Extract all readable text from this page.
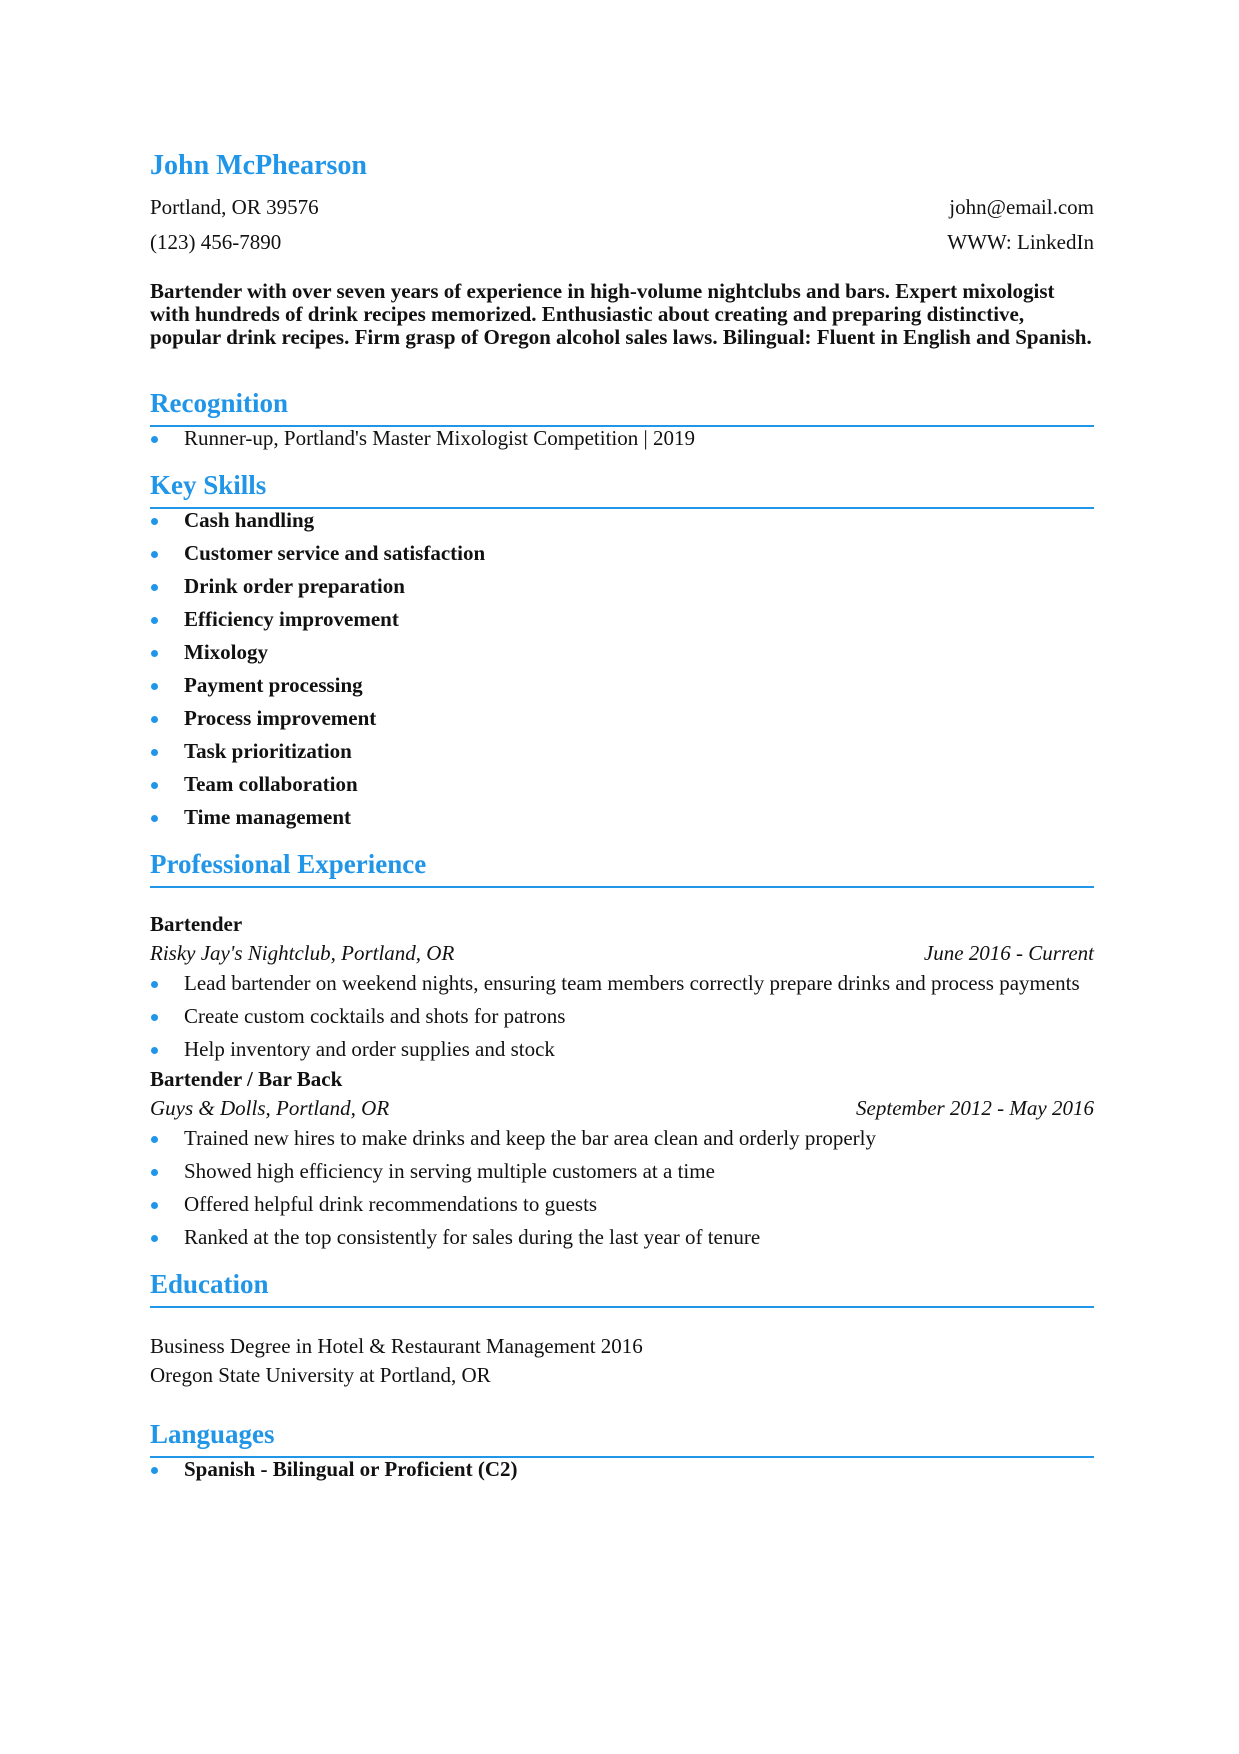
John McPhearson
Portland, OR 39576	john@email.com
(123) 456-7890	WWW: LinkedIn

Bartender with over seven years of experience in high-volume nightclubs and bars. Expert mixologist with hundreds of drink recipes memorized. Enthusiastic about creating and preparing distinctive, popular drink recipes. Firm grasp of Oregon alcohol sales laws. Bilingual: Fluent in English and Spanish.

Recognition
Runner-up, Portland's Master Mixologist Competition | 2019
Key Skills
Cash handling
Customer service and satisfaction
Drink order preparation
Efficiency improvement
Mixology
Payment processing
Process improvement
Task prioritization
Team collaboration
Time management
Professional Experience
Bartender
Risky Jay's Nightclub, Portland, OR	June 2016 - Current
Lead bartender on weekend nights, ensuring team members correctly prepare drinks and process payments
Create custom cocktails and shots for patrons
Help inventory and order supplies and stock
Bartender / Bar Back
Guys & Dolls, Portland, OR	September 2012 - May 2016
Trained new hires to make drinks and keep the bar area clean and orderly properly
Showed high efficiency in serving multiple customers at a time
Offered helpful drink recommendations to guests
Ranked at the top consistently for sales during the last year of tenure
Education
Business Degree in Hotel & Restaurant Management 2016
Oregon State University at Portland, OR
Languages
Spanish - Bilingual or Proficient (C2)
